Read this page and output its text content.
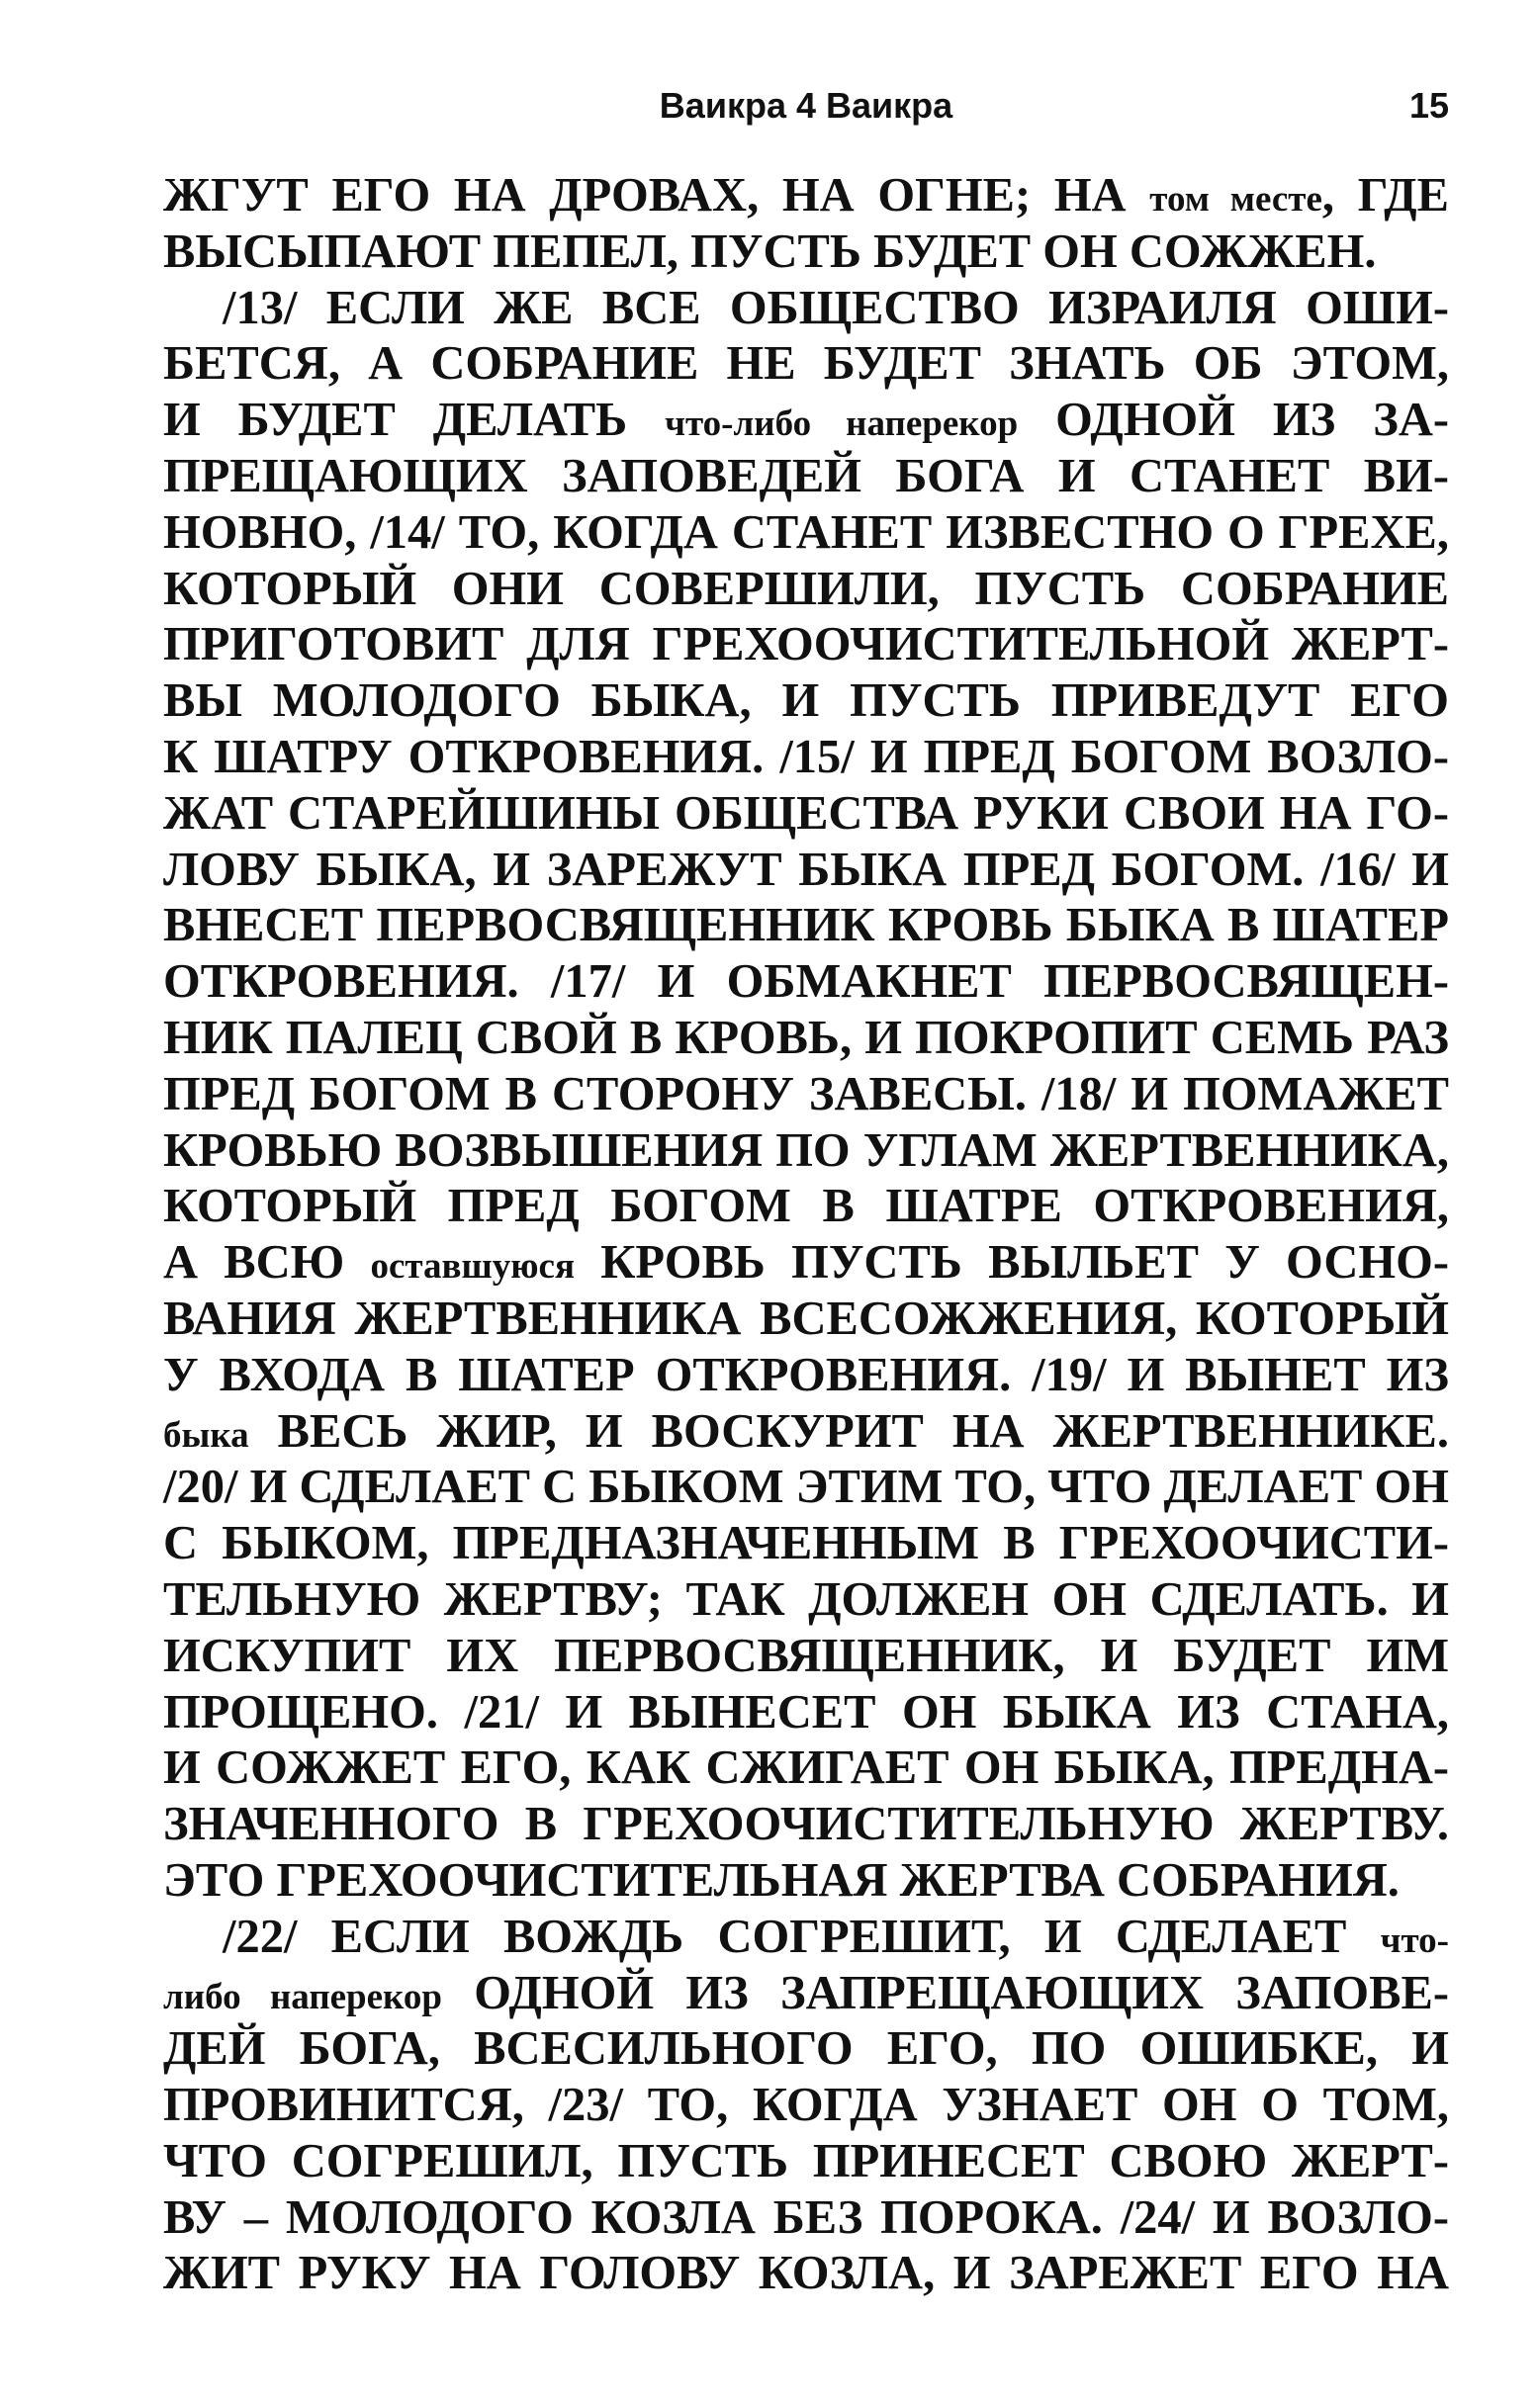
Ваикра 4 Ваикра	15
ЖГУТ ЕГО НА ДРОВАХ, НА ОГНЕ; НА том месте, ГДЕ
ВЫСЫПАЮТ ПЕПЕЛ, ПУСТЬ БУДЕТ ОН СОЖЖЕН.
/13/ ЕСЛИ ЖЕ ВСЕ ОБЩЕСТВО ИЗРАИЛЯ ОШИ-
БЕТСЯ, А СОБРАНИЕ НЕ БУДЕТ ЗНАТЬ ОБ ЭТОМ,
И БУДЕТ ДЕЛАТЬ что-либо наперекор ОДНОЙ ИЗ ЗА-
ПРЕЩАЮЩИХ ЗАПОВЕДЕЙ БОГА И СТАНЕТ ВИ-
НОВНО, /14/ ТО, КОГДА СТАНЕТ ИЗВЕСТНО О ГРЕХЕ,
КОТОРЫЙ ОНИ СОВЕРШИЛИ, ПУСТЬ СОБРАНИЕ
ПРИГОТОВИТ ДЛЯ ГРЕХООЧИСТИТЕЛЬНОЙ ЖЕРТ-
ВЫ МОЛОДОГО БЫКА, И ПУСТЬ ПРИВЕДУТ ЕГО
К ШАТРУ ОТКРОВЕНИЯ. /15/ И ПРЕД БОГОМ ВОЗЛО-
ЖАТ СТАРЕЙШИНЫ ОБЩЕСТВА РУКИ СВОИ НА ГО-
ЛОВУ БЫКА, И ЗАРЕЖУТ БЫКА ПРЕД БОГОМ. /16/ И
ВНЕСЕТ ПЕРВОСВЯЩЕННИК КРОВЬ БЫКА В ШАТЕР
ОТКРОВЕНИЯ. /17/ И ОБМАКНЕТ ПЕРВОСВЯЩЕН-
НИК ПАЛЕЦ СВОЙ В КРОВЬ, И ПОКРОПИТ СЕМЬ РАЗ
ПРЕД БОГОМ В СТОРОНУ ЗАВЕСЫ. /18/ И ПОМАЖЕТ
КРОВЬЮ ВОЗВЫШЕНИЯ ПО УГЛАМ ЖЕРТВЕННИКА,
КОТОРЫЙ ПРЕД БОГОМ В ШАТРЕ ОТКРОВЕНИЯ,
А ВСЮ оставшуюся КРОВЬ ПУСТЬ ВЫЛЬЕТ У ОСНО-
ВАНИЯ ЖЕРТВЕННИКА ВСЕСОЖЖЕНИЯ, КОТОРЫЙ
У ВХОДА В ШАТЕР ОТКРОВЕНИЯ. /19/ И ВЫНЕТ ИЗ
быка ВЕСЬ ЖИР, И ВОСКУРИТ НА ЖЕРТВЕННИКЕ.
/20/ И СДЕЛАЕТ С БЫКОМ ЭТИМ ТО, ЧТО ДЕЛАЕТ ОН
С БЫКОМ, ПРЕДНАЗНАЧЕННЫМ В ГРЕХООЧИСТИ-
ТЕЛЬНУЮ ЖЕРТВУ; ТАК ДОЛЖЕН ОН СДЕЛАТЬ. И
ИСКУПИТ ИХ ПЕРВОСВЯЩЕННИК, И БУДЕТ ИМ
ПРОЩЕНО. /21/ И ВЫНЕСЕТ ОН БЫКА ИЗ СТАНА,
И СОЖЖЕТ ЕГО, КАК СЖИГАЕТ ОН БЫКА, ПРЕДНА-
ЗНАЧЕННОГО В ГРЕХООЧИСТИТЕЛЬНУЮ ЖЕРТВУ.
ЭТО ГРЕХООЧИСТИТЕЛЬНАЯ ЖЕРТВА СОБРАНИЯ.
/22/ ЕСЛИ ВОЖДЬ СОГРЕШИТ, И СДЕЛАЕТ что-
либо наперекор ОДНОЙ ИЗ ЗАПРЕЩАЮЩИХ ЗАПОВЕ-
ДЕЙ БОГА, ВСЕСИЛЬНОГО ЕГО, ПО ОШИБКЕ, И
ПРОВИНИТСЯ, /23/ ТО, КОГДА УЗНАЕТ ОН О ТОМ,
ЧТО СОГРЕШИЛ, ПУСТЬ ПРИНЕСЕТ СВОЮ ЖЕРТ-
ВУ – МОЛОДОГО КОЗЛА БЕЗ ПОРОКА. /24/ И ВОЗЛО-
ЖИТ РУКУ НА ГОЛОВУ КОЗЛА, И ЗАРЕЖЕТ ЕГО НА
